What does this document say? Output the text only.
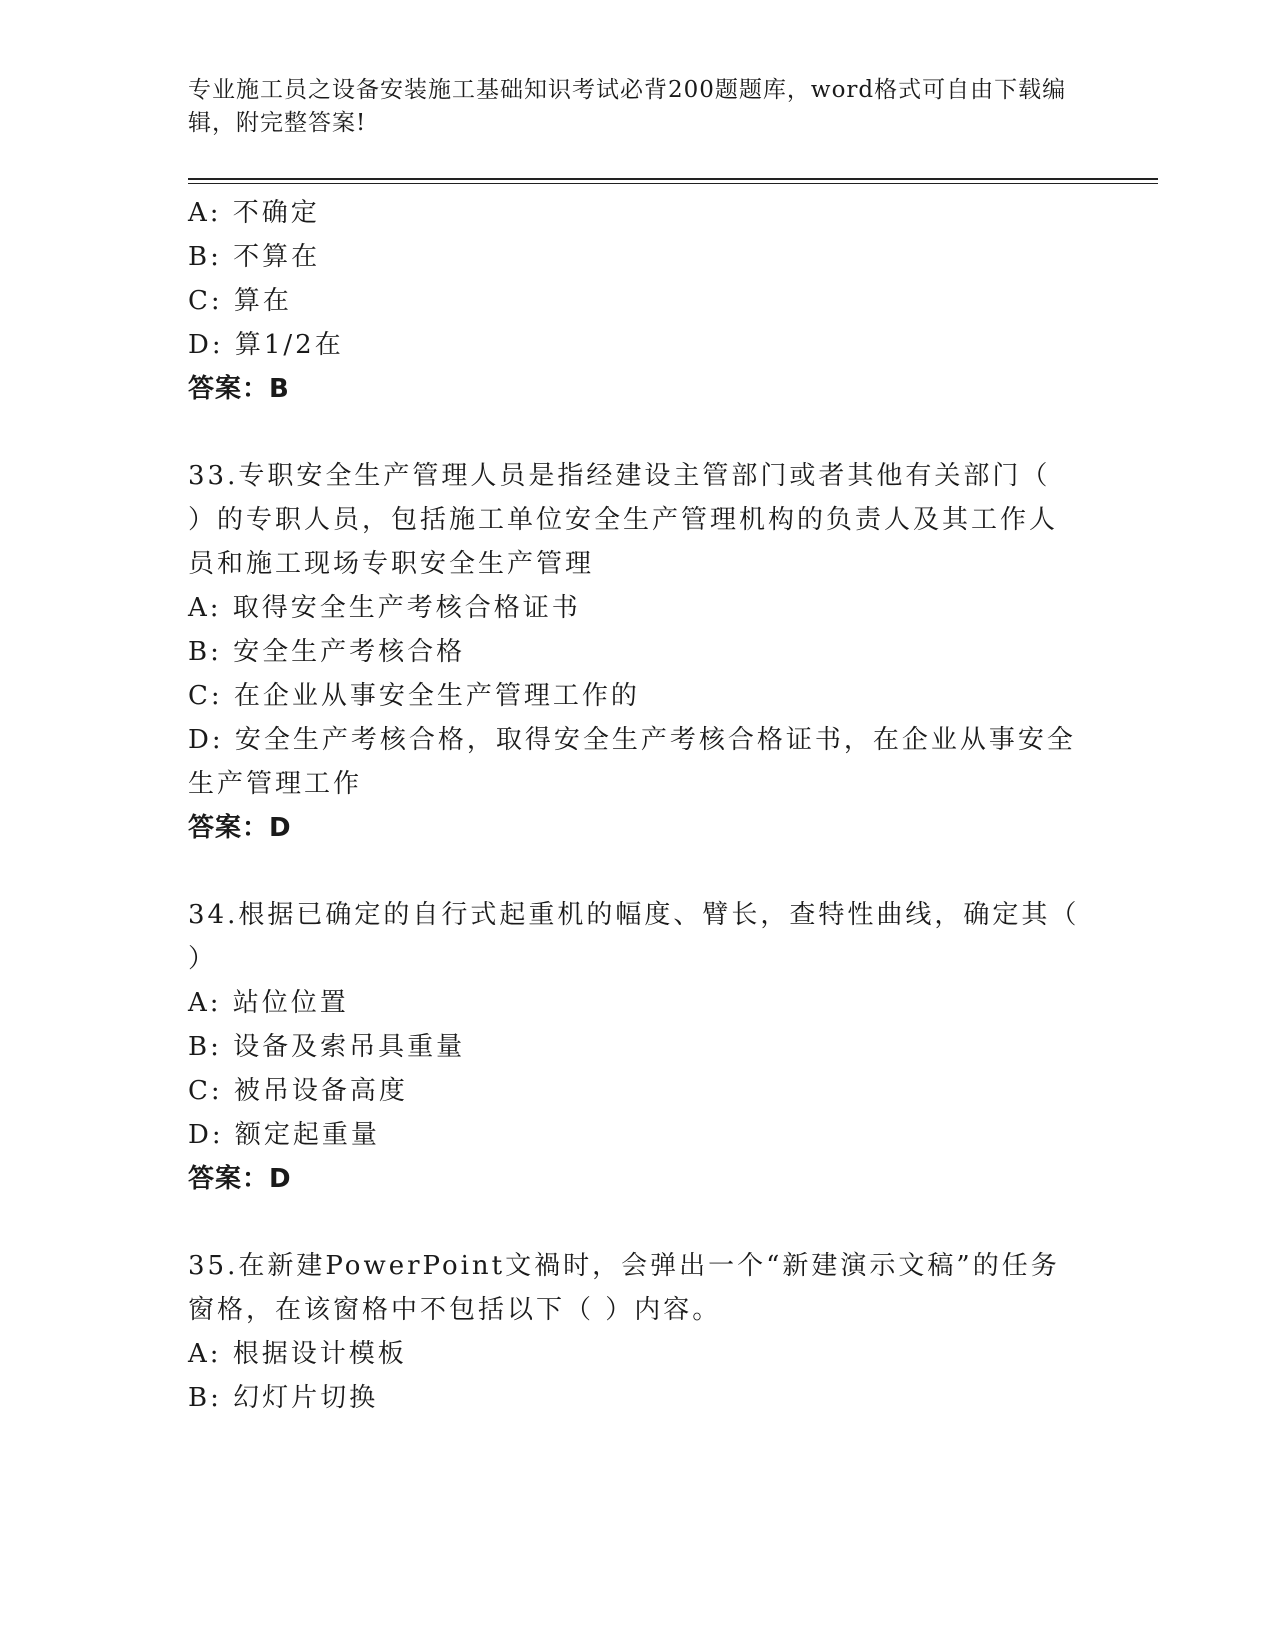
专业施工员之设备安装施工基础知识考试必背200题题库，word格式可自由下载编辑，附完整答案!
A: 不确定
B: 不算在
C: 算在
D: 算1/2在
答案：B
33.专职安全生产管理人员是指经建设主管部门或者其他有关部门（
）的专职人员，包括施工单位安全生产管理机构的负责人及其工作人
员和施工现场专职安全生产管理
A: 取得安全生产考核合格证书
B: 安全生产考核合格
C: 在企业从事安全生产管理工作的
D: 安全生产考核合格，取得安全生产考核合格证书，在企业从事安全
生产管理工作
答案：D
34.根据已确定的自行式起重机的幅度、臂长，查特性曲线，确定其（
）
A: 站位位置
B: 设备及索吊具重量
C: 被吊设备高度
D: 额定起重量
答案：D
35.在新建PowerPoint文禍时，会弹出一个“新建演示文稿”的任务
窗格，在该窗格中不包括以下（ ）内容。
A: 根据设计模板
B: 幻灯片切换
